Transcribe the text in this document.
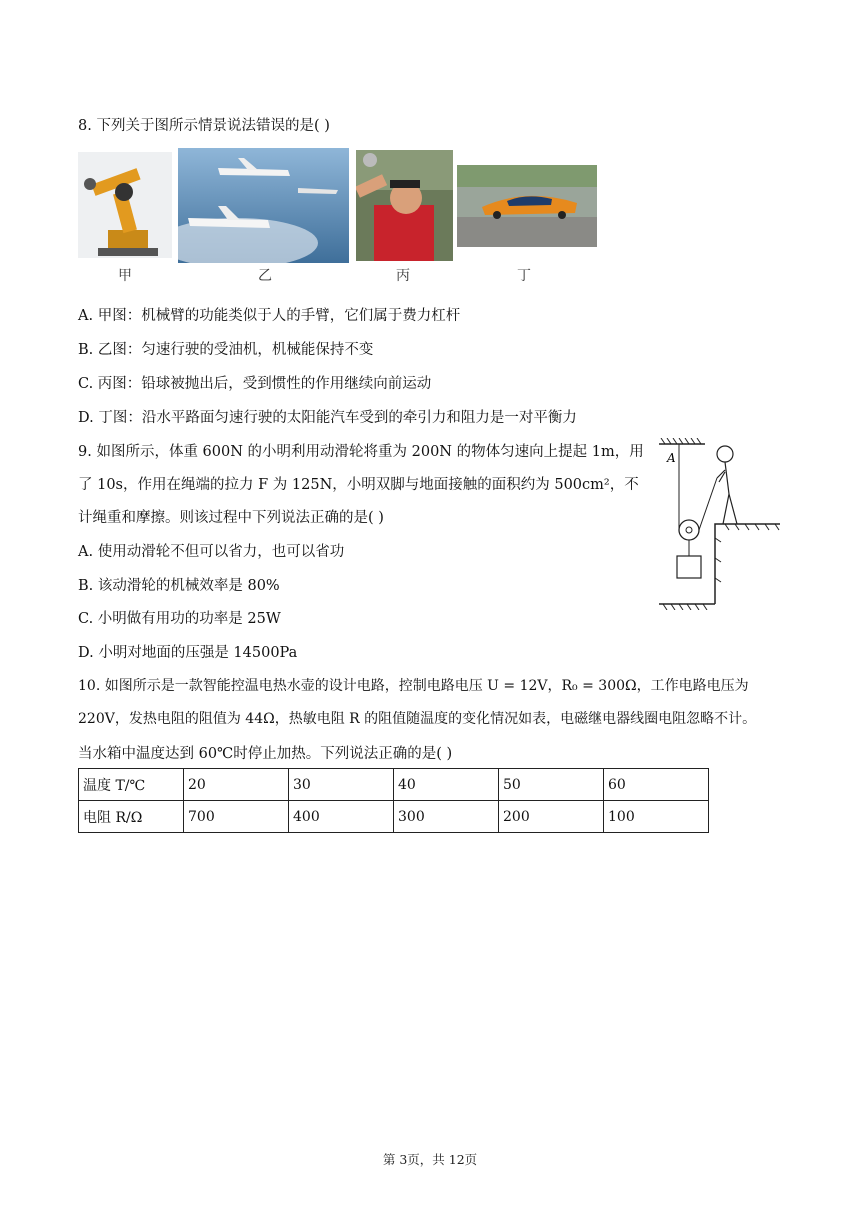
8. 下列关于图所示情景说法错误的是( )
甲	乙	丙	丁
A. 甲图：机械臂的功能类似于人的手臂，它们属于费力杠杆
B. 乙图：匀速行驶的受油机，机械能保持不变
C. 丙图：铅球被抛出后，受到惯性的作用继续向前运动
D. 丁图：沿水平路面匀速行驶的太阳能汽车受到的牵引力和阻力是一对平衡力
9. 如图所示，体重 600N 的小明利用动滑轮将重为 200N 的物体匀速向上提起 1m，用
了 10s，作用在绳端的拉力 F 为 125N，小明双脚与地面接触的面积约为 500cm²，不
计绳重和摩擦。则该过程中下列说法正确的是( )
A
A. 使用动滑轮不但可以省力，也可以省功
B. 该动滑轮的机械效率是 80%
C. 小明做有用功的功率是 25W
D. 小明对地面的压强是 14500Pa
10. 如图所示是一款智能控温电热水壶的设计电路，控制电路电压 U = 12V，R₀ = 300Ω，工作电路电压为
220V，发热电阻的阻值为 44Ω，热敏电阻 R 的阻值随温度的变化情况如表，电磁继电器线圈电阻忽略不计。
当水箱中温度达到 60℃时停止加热。下列说法正确的是( )
温度 T/℃	20	30	40	50	60
电阻 R/Ω	700	400	300	200	100
第 3页，共 12页
